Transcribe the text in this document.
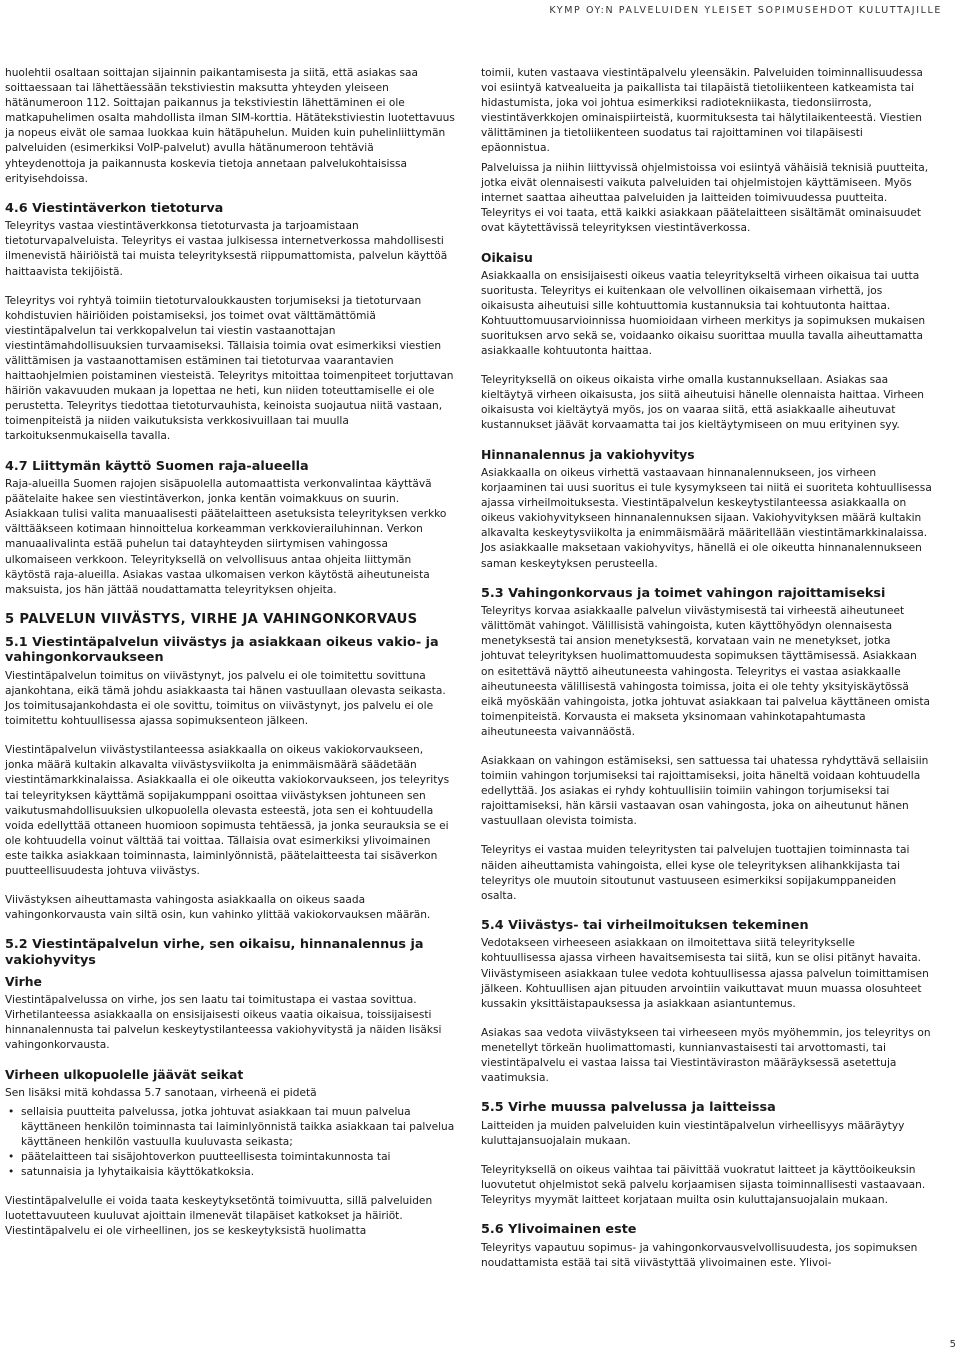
KYMP OY:N PALVELUIDEN YLEISET SOPIMUSEHDOT KULUTTAJILLE

huolehtii osaltaan soittajan sijainnin paikantamisesta ja siitä, että asiakas saa soittaessaan tai lähettäessään tekstiviestin maksutta yhteyden yleiseen hätänumeroon 112. Soittajan paikannus ja tekstiviestin lähettäminen ei ole matkapuhelimen osalta mahdollista ilman SIM-korttia. Hätätekstiviestin luotettavuus ja nopeus eivät ole samaa luokkaa kuin hätäpuhelun. Muiden kuin puhelinliittymän palveluiden (esimerkiksi VoIP-palvelut) avulla hätänumeroon tehtäviä yhteydenottoja ja paikannusta koskevia tietoja annetaan palvelukohtaisissa erityisehdoissa.

4.6 Viestintäverkon tietoturva

Teleyritys vastaa viestintäverkkonsa tietoturvasta ja tarjoamistaan tietoturvapalveluista. Teleyritys ei vastaa julkisessa internetverkossa mahdollisesti ilmenevistä häiriöistä tai muista teleyrityksestä riippumattomista, palvelun käyttöä haittaavista tekijöistä.

Teleyritys voi ryhtyä toimiin tietoturvaloukkausten torjumiseksi ja tietoturvaan kohdistuvien häiriöiden poistamiseksi, jos toimet ovat välttämättömiä viestintäpalvelun tai verkkopalvelun tai viestin vastaanottajan viestintämahdollisuuksien turvaamiseksi. Tällaisia toimia ovat esimerkiksi viestien välittämisen ja vastaanottamisen estäminen tai tietoturvaa vaarantavien haittaohjelmien poistaminen viesteistä. Teleyritys mitoittaa toimenpiteet torjuttavan häiriön vakavuuden mukaan ja lopettaa ne heti, kun niiden toteuttamiselle ei ole perustetta. Teleyritys tiedottaa tietoturvauhista, keinoista suojautua niitä vastaan, toimenpiteistä ja niiden vaikutuksista verkkosivuillaan tai muulla tarkoituksenmukaisella tavalla.

4.7 Liittymän käyttö Suomen raja-alueella

Raja-alueilla Suomen rajojen sisäpuolella automaattista verkonvalintaa käyttävä päätelaite hakee sen viestintäverkon, jonka kentän voimakkuus on suurin. Asiakkaan tulisi valita manuaalisesti päätelaitteen asetuksista teleyrityksen verkko välttääkseen kotimaan hinnoittelua korkeamman verkkovierailuhinnan. Verkon manuaalivalinta estää puhelun tai datayhteyden siirtymisen vahingossa ulkomaiseen verkkoon. Teleyrityksellä on velvollisuus antaa ohjeita liittymän käytöstä raja-alueilla. Asiakas vastaa ulkomaisen verkon käytöstä aiheutuneista maksuista, jos hän jättää noudattamatta teleyrityksen ohjeita.

5 PALVELUN VIIVÄSTYS, VIRHE JA VAHINGONKORVAUS
5.1 Viestintäpalvelun viivästys ja asiakkaan oikeus vakio- ja vahingonkorvaukseen

Viestintäpalvelun toimitus on viivästynyt, jos palvelu ei ole toimitettu sovittuna ajankohtana, eikä tämä johdu asiakkaasta tai hänen vastuullaan olevasta seikasta. Jos toimitusajankohdasta ei ole sovittu, toimitus on viivästynyt, jos palvelu ei ole toimitettu kohtuullisessa ajassa sopimuksenteon jälkeen.

Viestintäpalvelun viivästystilanteessa asiakkaalla on oikeus vakiokorvaukseen, jonka määrä kultakin alkavalta viivästysviikolta ja enimmäismäärä säädetään viestintämarkkinalaissa. Asiakkaalla ei ole oikeutta vakiokorvaukseen, jos teleyritys tai teleyrityksen käyttämä sopijakumppani osoittaa viivästyksen johtuneen sen vaikutusmahdollisuuksien ulkopuolella olevasta esteestä, jota sen ei kohtuudella voida edellyttää ottaneen huomioon sopimusta tehtäessä, ja jonka seurauksia se ei ole kohtuudella voinut välttää tai voittaa. Tällaisia ovat esimerkiksi ylivoimainen este taikka asiakkaan toiminnasta, laiminlyönnistä, päätelaitteesta tai sisäverkon puutteellisuudesta johtuva viivästys.

Viivästyksen aiheuttamasta vahingosta asiakkaalla on oikeus saada vahingonkorvausta vain siltä osin, kun vahinko ylittää vakiokorvauksen määrän.

5.2 Viestintäpalvelun virhe, sen oikaisu, hinnanalennus ja vakiohyvitys
Virhe

Viestintäpalvelussa on virhe, jos sen laatu tai toimitustapa ei vastaa sovittua. Virhetilanteessa asiakkaalla on ensisijaisesti oikeus vaatia oikaisua, toissijaisesti hinnanalennusta tai palvelun keskeytystilanteessa vakiohyvitystä ja näiden lisäksi vahingonkorvausta.

Virheen ulkopuolelle jäävät seikat

Sen lisäksi mitä kohdassa 5.7 sanotaan, virheenä ei pidetä

• sellaisia puutteita palvelussa, jotka johtuvat asiakkaan tai muun palvelua käyttäneen henkilön toiminnasta tai laiminlyönnistä taikka asiakkaan tai palvelua käyttäneen henkilön vastuulla kuuluvasta seikasta;
• päätelaitteen tai sisäjohtoverkon puutteellisesta toimintakunnosta tai
• satunnaisia ja lyhytaikaisia käyttökatkoksia.

Viestintäpalvelulle ei voida taata keskeytyksetöntä toimivuutta, sillä palveluiden luotettavuuteen kuuluvat ajoittain ilmenevät tilapäiset katkokset ja häiriöt. Viestintäpalvelu ei ole virheellinen, jos se keskeytyksistä huolimatta

toimii, kuten vastaava viestintäpalvelu yleensäkin. Palveluiden toiminnallisuudessa voi esiintyä katvealueita ja paikallista tai tilapäistä tietoliikenteen katkeamista tai hidastumista, joka voi johtua esimerkiksi radiotekniikasta, tiedonsiirrosta, viestintäverkkojen ominaispiirteistä, kuormituksesta tai hälytilaikenteestä. Viestien välittäminen ja tietoliikenteen suodatus tai rajoittaminen voi tilapäisesti epäonnistua.

Palveluissa ja niihin liittyvissä ohjelmistoissa voi esiintyä vähäisiä teknisiä puutteita, jotka eivät olennaisesti vaikuta palveluiden tai ohjelmistojen käyttämiseen. Myös internet saattaa aiheuttaa palveluiden ja laitteiden toimivuudessa puutteita. Teleyritys ei voi taata, että kaikki asiakkaan päätelaitteen sisältämät ominaisuudet ovat käytettävissä teleyrityksen viestintäverkossa.

Oikaisu

Asiakkaalla on ensisijaisesti oikeus vaatia teleyritykseltä virheen oikaisua tai uutta suoritusta. Teleyritys ei kuitenkaan ole velvollinen oikaisemaan virhettä, jos oikaisusta aiheutuisi sille kohtuuttomia kustannuksia tai kohtuutonta haittaa. Kohtuuttomuusarvioinnissa huomioidaan virheen merkitys ja sopimuksen mukaisen suorituksen arvo sekä se, voidaanko oikaisu suorittaa muulla tavalla aiheuttamatta asiakkaalle kohtuutonta haittaa.

Teleyrityksellä on oikeus oikaista virhe omalla kustannuksellaan. Asiakas saa kieltäytyä virheen oikaisusta, jos siitä aiheutuisi hänelle olennaista haittaa. Virheen oikaisusta voi kieltäytyä myös, jos on vaaraa siitä, että asiakkaalle aiheutuvat kustannukset jäävät korvaamatta tai jos kieltäytymiseen on muu erityinen syy.

Hinnanalennus ja vakiohyvitys

Asiakkaalla on oikeus virhettä vastaavaan hinnanalennukseen, jos virheen korjaaminen tai uusi suoritus ei tule kysymykseen tai niitä ei suoriteta kohtuullisessa ajassa virheilmoituksesta. Viestintäpalvelun keskeytystilanteessa asiakkaalla on oikeus vakiohyvitykseen hinnanalennuksen sijaan. Vakiohyvityksen määrä kultakin alkavalta keskeytysviikolta ja enimmäismäärä määritellään viestintämarkkinalaissa. Jos asiakkaalle maksetaan vakiohyvitys, hänellä ei ole oikeutta hinnanalennukseen saman keskeytyksen perusteella.

5.3 Vahingonkorvaus ja toimet vahingon rajoittamiseksi

Teleyritys korvaa asiakkaalle palvelun viivästymisestä tai virheestä aiheutuneet välittömät vahingot. Välillisistä vahingoista, kuten käyttöhyödyn olennaisesta menetyksestä tai ansion menetyksestä, korvataan vain ne menetykset, jotka johtuvat teleyrityksen huolimattomuudesta sopimuksen täyttämisessä. Asiakkaan on esitettävä näyttö aiheutuneesta vahingosta. Teleyritys ei vastaa asiakkaalle aiheutuneesta välillisestä vahingosta toimissa, joita ei ole tehty yksityiskäytössä eikä myöskään vahingoista, jotka johtuvat asiakkaan tai palvelua käyttäneen omista toimenpiteistä. Korvausta ei makseta yksinomaan vahinkotapahtumasta aiheutuneesta vaivannäöstä.

Asiakkaan on vahingon estämiseksi, sen sattuessa tai uhatessa ryhdyttävä sellaisiin toimiin vahingon torjumiseksi tai rajoittamiseksi, joita häneltä voidaan kohtuudella edellyttää. Jos asiakas ei ryhdy kohtuullisiin toimiin vahingon torjumiseksi tai rajoittamiseksi, hän kärsii vastaavan osan vahingosta, joka on aiheutunut hänen vastuullaan olevista toimista.

Teleyritys ei vastaa muiden teleyritysten tai palvelujen tuottajien toiminnasta tai näiden aiheuttamista vahingoista, ellei kyse ole teleyrityksen alihankkijasta tai teleyritys ole muutoin sitoutunut vastuuseen esimerkiksi sopijakumppaneiden osalta.

5.4 Viivästys- tai virheilmoituksen tekeminen

Vedotakseen virheeseen asiakkaan on ilmoitettava siitä teleyritykselle kohtuullisessa ajassa virheen havaitsemisesta tai siitä, kun se olisi pitänyt havaita. Viivästymiseen asiakkaan tulee vedota kohtuullisessa ajassa palvelun toimittamisen jälkeen. Kohtuullisen ajan pituuden arvointiin vaikuttavat muun muassa olosuhteet kussakin yksittäistapauksessa ja asiakkaan asiantuntemus.

Asiakas saa vedota viivästykseen tai virheeseen myös myöhemmin, jos teleyritys on menetellyt törkeän huolimattomasti, kunnianvastaisesti tai arvottomasti, tai viestintäpalvelu ei vastaa laissa tai Viestintäviraston määräyksessä asetettuja vaatimuksia.

5.5 Virhe muussa palvelussa ja laitteissa

Laitteiden ja muiden palveluiden kuin viestintäpalvelun virheellisyys määräytyy kuluttajansuojalain mukaan.

Teleyrityksellä on oikeus vaihtaa tai päivittää vuokratut laitteet ja käyttöoikeuksin luovutetut ohjelmistot sekä palvelu korjaamisen sijasta toiminnallisesti vastaavaan. Teleyritys myymät laitteet korjataan muilta osin kuluttajansuojalain mukaan.

5.6 Ylivoimainen este

Teleyritys vapautuu sopimus- ja vahingonkorvausvelvollisuudesta, jos sopimuksen noudattamista estää tai sitä viivästyttää ylivoimainen este. Ylivoi-

5
